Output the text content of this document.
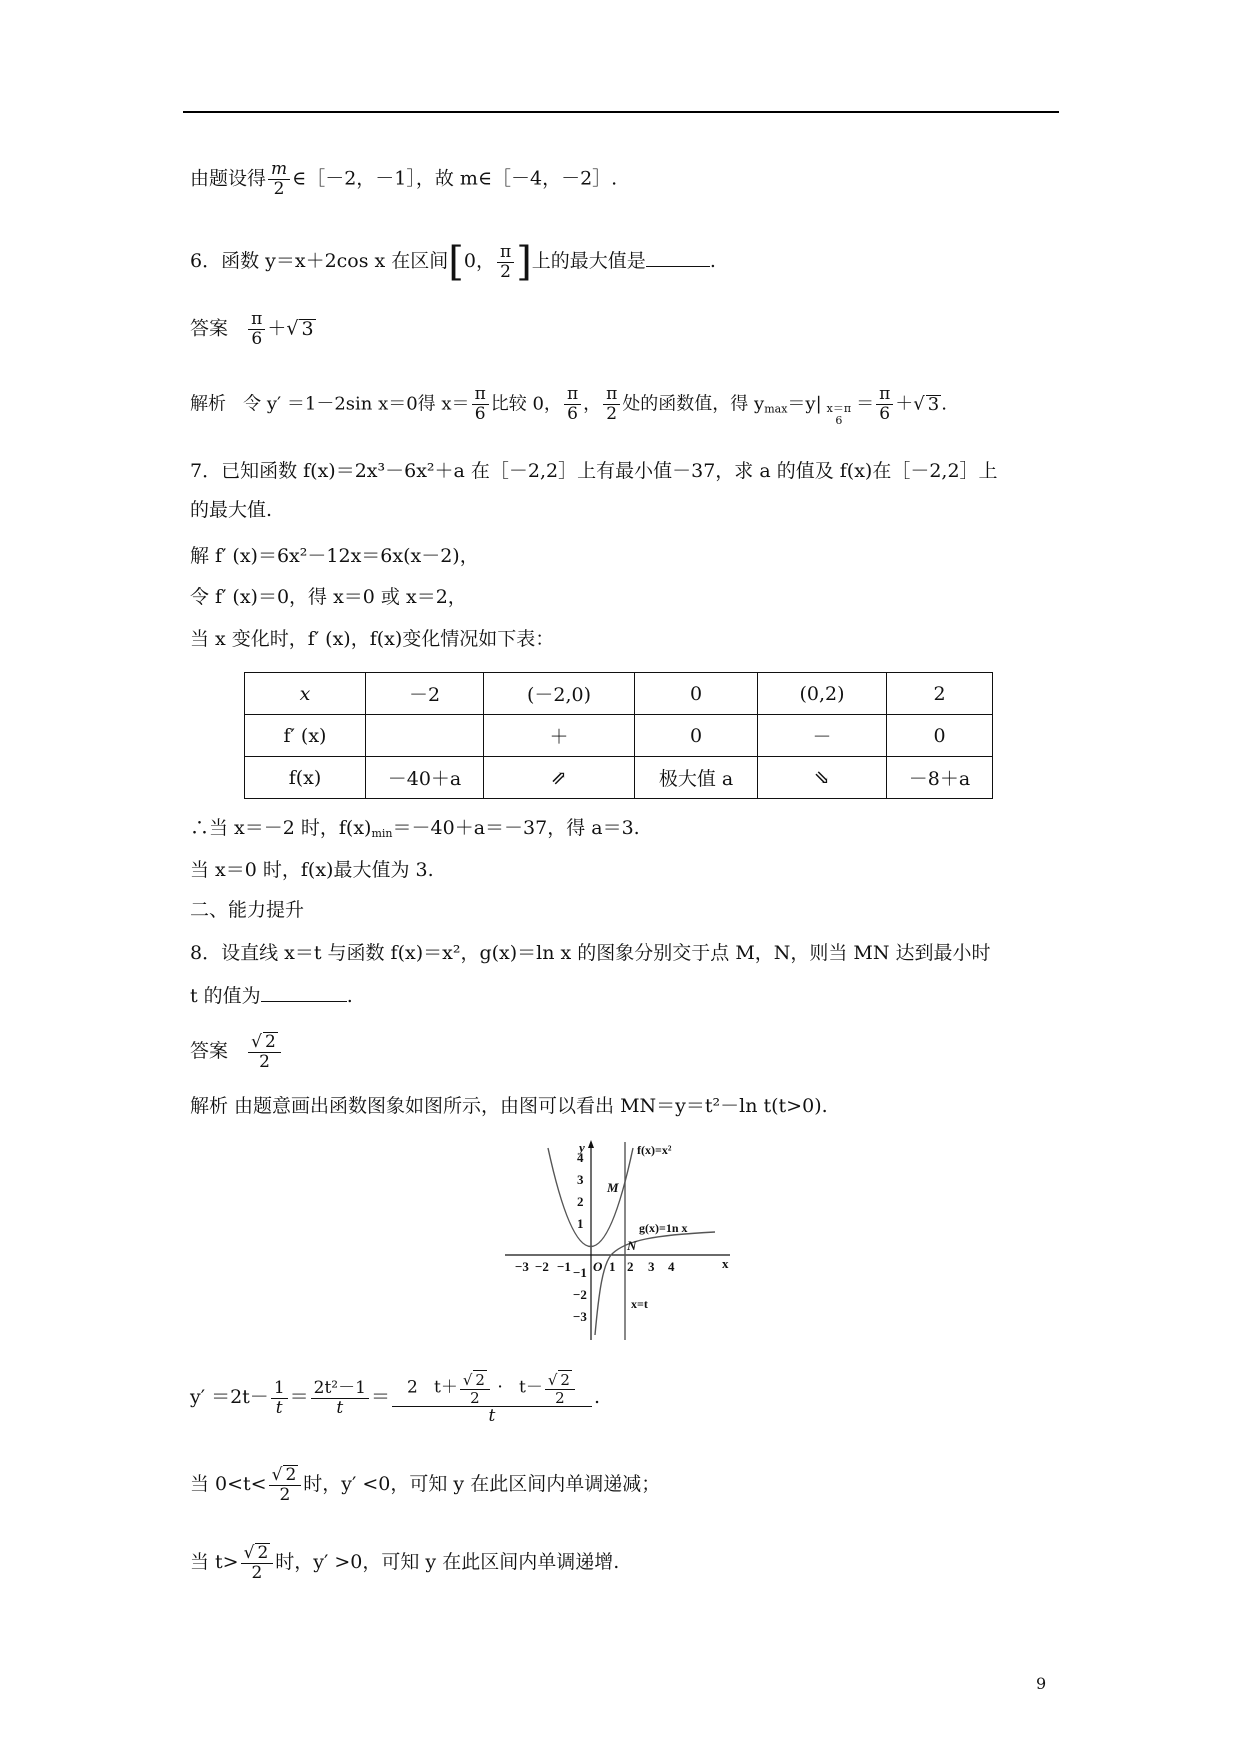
由题设得 $\frac{m}{2}$ ∈［－2，－1］，故 m∈［－4，－2］.
6．函数 y＝x＋2cos x 在区间[0， $\frac{\pi}{2}$ ]上的最大值是	.
答案 $\frac{\pi}{6}$ ＋√ 3
解析 令 y′ ＝1－2sin x＝0得 $x= \frac{\pi}{6}$ 比较 0， $\frac{\pi}{6}$ ， $\frac{\pi}{2}$ 处的函数值，得 $y_{max}=y|$ x＝π
6
＝ $\frac{\pi}{6}$ ＋√ 3 .
7．已知函数 f(x)＝2x³－6x²＋a 在［－2,2］上有最小值－37，求 a 的值及 f(x)在［－2,2］上
的最大值.
解 f′ (x)＝6x²－12x＝6x(x－2)，
令 f′ (x)＝0，得 x＝0 或 x＝2，
当 x 变化时，f′ (x)，f(x)变化情况如下表：
x	－2	(－2,0)	0	(0,2)	2
f′ (x)		＋	0	－	0
f(x)	－40＋a	⇗	极大值 a	⇘	－8＋a
∴当 x＝－2 时，$f(x)_{min}=-40+a=-37$，得 a＝3.
当 x＝0 时，f(x)最大值为 3.
二、能力提升
8．设直线 x＝t 与函数 f(x)＝x²，g(x)＝ln x 的图象分别交于点 M，N，则当 MN 达到最小时
t 的值为	.
答案 $\frac{√ 2}{2}$
解析 由题意画出函数图象如图所示，由图可以看出 MN＝y＝t²－ln t(t>0).
y
x
4
3
2
1
−1
−2
−3
−3 −2 −1	1 2 3 4
O
f(x)=x²
M
g(x)=1n x
N
x=t
$y' =2t- \frac{1}{t} = \frac{\text{2t²－1}}{t} = \frac{2 t+ \frac{√ 2}{2} \cdot t- \frac{√ 2}{2}}{t}$ .
当 $0<t< \frac{√ 2}{2}$ 时，y′ <0，可知 y 在此区间内单调递减；
当 $t> \frac{√ 2}{2}$ 时，y′ >0，可知 y 在此区间内单调递增.
9
